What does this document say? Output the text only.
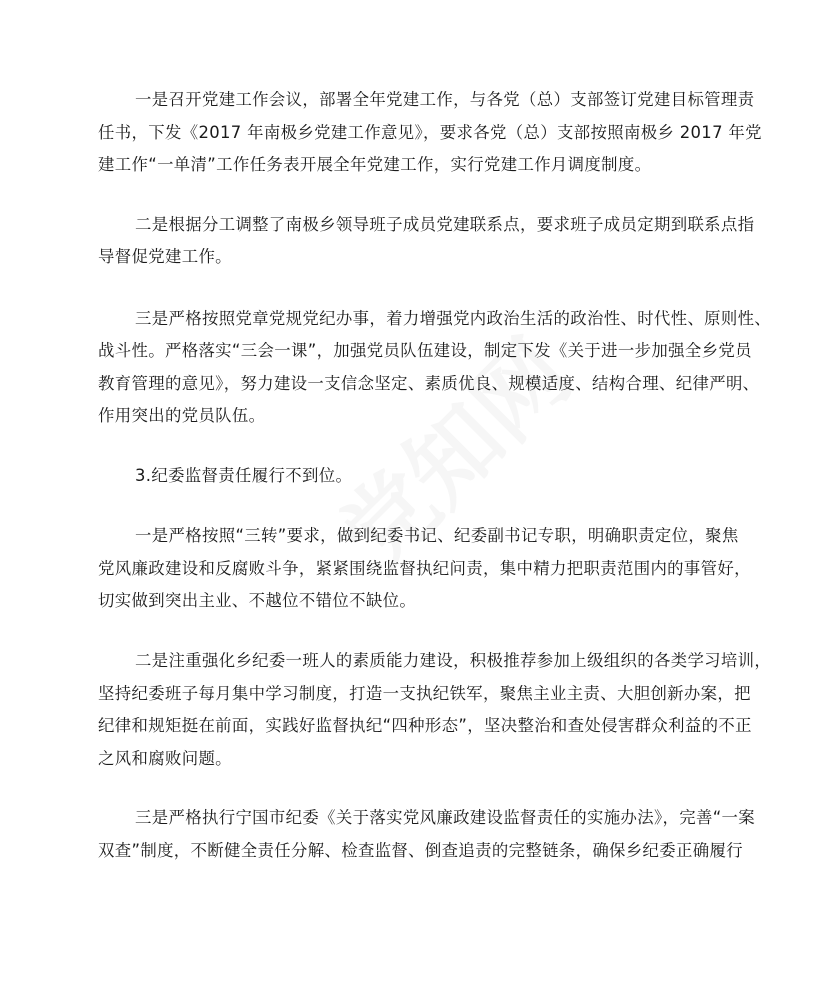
一是召开党建工作会议，部署全年党建工作，与各党（总）支部签订党建目标管理责
任书，下发《2017 年南极乡党建工作意见》，要求各党（总）支部按照南极乡 2017 年党
建工作“一单清”工作任务表开展全年党建工作，实行党建工作月调度制度。
二是根据分工调整了南极乡领导班子成员党建联系点，要求班子成员定期到联系点指
导督促党建工作。
三是严格按照党章党规党纪办事，着力增强党内政治生活的政治性、时代性、原则性、
战斗性。严格落实“三会一课”，加强党员队伍建设，制定下发《关于进一步加强全乡党员
教育管理的意见》，努力建设一支信念坚定、素质优良、规模适度、结构合理、纪律严明、
作用突出的党员队伍。
3.纪委监督责任履行不到位。
一是严格按照“三转”要求，做到纪委书记、纪委副书记专职，明确职责定位，聚焦
党风廉政建设和反腐败斗争，紧紧围绕监督执纪问责，集中精力把职责范围内的事管好，
切实做到突出主业、不越位不错位不缺位。
二是注重强化乡纪委一班人的素质能力建设，积极推荐参加上级组织的各类学习培训，
坚持纪委班子每月集中学习制度，打造一支执纪铁军，聚焦主业主责、大胆创新办案，把
纪律和规矩挺在前面，实践好监督执纪“四种形态”，坚决整治和查处侵害群众利益的不正
之风和腐败问题。
三是严格执行宁国市纪委《关于落实党风廉政建设监督责任的实施办法》，完善“一案
双查”制度，不断健全责任分解、检查监督、倒查追责的完整链条，确保乡纪委正确履行
